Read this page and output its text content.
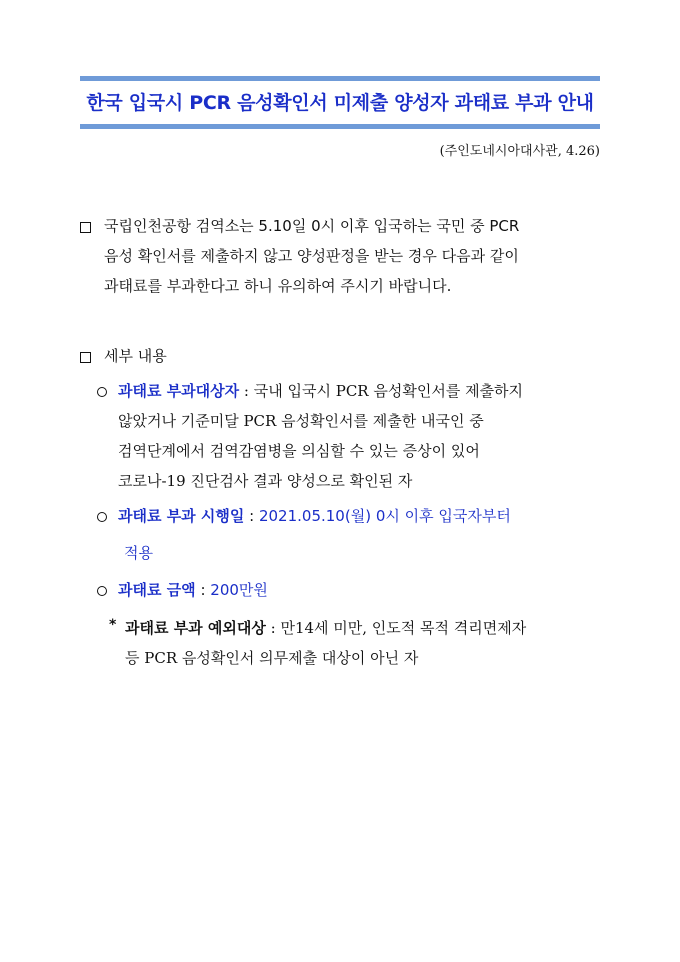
한국 입국시 PCR 음성확인서 미제출 양성자 과태료 부과 안내
(주인도네시아대사관, 4.26)
국립인천공항 검역소는 5.10일 0시 이후 입국하는 국민 중 PCR
음성 확인서를 제출하지 않고 양성판정을 받는 경우 다음과 같이
과태료를 부과한다고 하니 유의하여 주시기 바랍니다.
세부 내용
과태료 부과대상자 : 국내 입국시 PCR 음성확인서를 제출하지
않았거나 기준미달 PCR 음성확인서를 제출한 내국인 중
검역단계에서 검역감염병을 의심할 수 있는 증상이 있어
코로나-19 진단검사 결과 양성으로 확인된 자
과태료 부과 시행일 : 2021.05.10(월) 0시 이후 입국자부터
적용
과태료 금액 : 200만원
* 과태료 부과 예외대상 : 만14세 미만, 인도적 목적 격리면제자
등 PCR 음성확인서 의무제출 대상이 아닌 자
